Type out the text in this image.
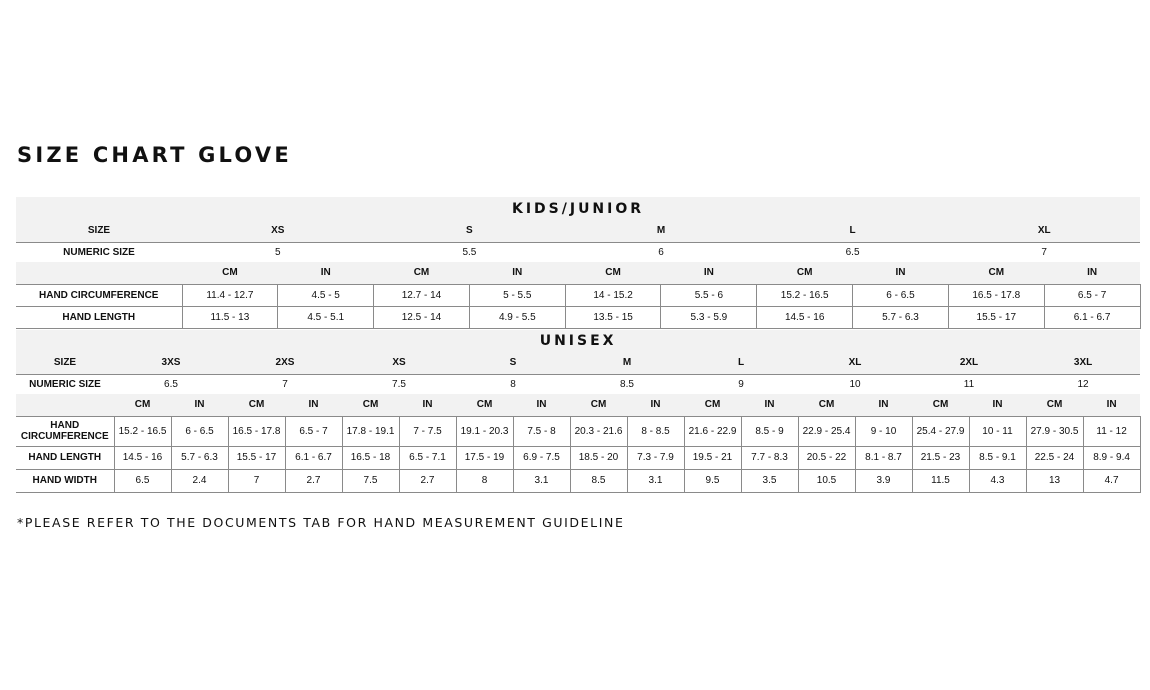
SIZE CHART GLOVE
KIDS/JUNIOR										
SIZE	XS		S		M		L		XL	
NUMERIC SIZE	5		5.5		6		6.5		7	
	CM	IN	CM	IN	CM	IN	CM	IN	CM	IN
HAND CIRCUMFERENCE	11.4 - 12.7	4.5 - 5	12.7 - 14	5 - 5.5	14 - 15.2	5.5 - 6	15.2 - 16.5	6 - 6.5	16.5 - 17.8	6.5 - 7
HAND LENGTH	11.5 - 13	4.5 - 5.1	12.5 - 14	4.9 - 5.5	13.5 - 15	5.3 - 5.9	14.5 - 16	5.7 - 6.3	15.5 - 17	6.1 - 6.7
UNISEX																		
SIZE	3XS		2XS		XS		S		M		L		XL		2XL		3XL	
NUMERIC SIZE	6.5		7		7.5		8		8.5		9		10		11		12	
	CM	IN	CM	IN	CM	IN	CM	IN	CM	IN	CM	IN	CM	IN	CM	IN	CM	IN
HAND CIRCUMFERENCE	15.2 - 16.5	6 - 6.5	16.5 - 17.8	6.5 - 7	17.8 - 19.1	7 - 7.5	19.1 - 20.3	7.5 - 8	20.3 - 21.6	8 - 8.5	21.6 - 22.9	8.5 - 9	22.9 - 25.4	9 - 10	25.4 - 27.9	10 - 11	27.9 - 30.5	11 - 12
HAND LENGTH	14.5 - 16	5.7 - 6.3	15.5 - 17	6.1 - 6.7	16.5 - 18	6.5 - 7.1	17.5 - 19	6.9 - 7.5	18.5 - 20	7.3 - 7.9	19.5 - 21	7.7 - 8.3	20.5 - 22	8.1 - 8.7	21.5 - 23	8.5 - 9.1	22.5 - 24	8.9 - 9.4
HAND WIDTH	6.5	2.4	7	2.7	7.5	2.7	8	3.1	8.5	3.1	9.5	3.5	10.5	3.9	11.5	4.3	13	4.7

*PLEASE REFER TO THE DOCUMENTS TAB FOR HAND MEASUREMENT GUIDELINE
